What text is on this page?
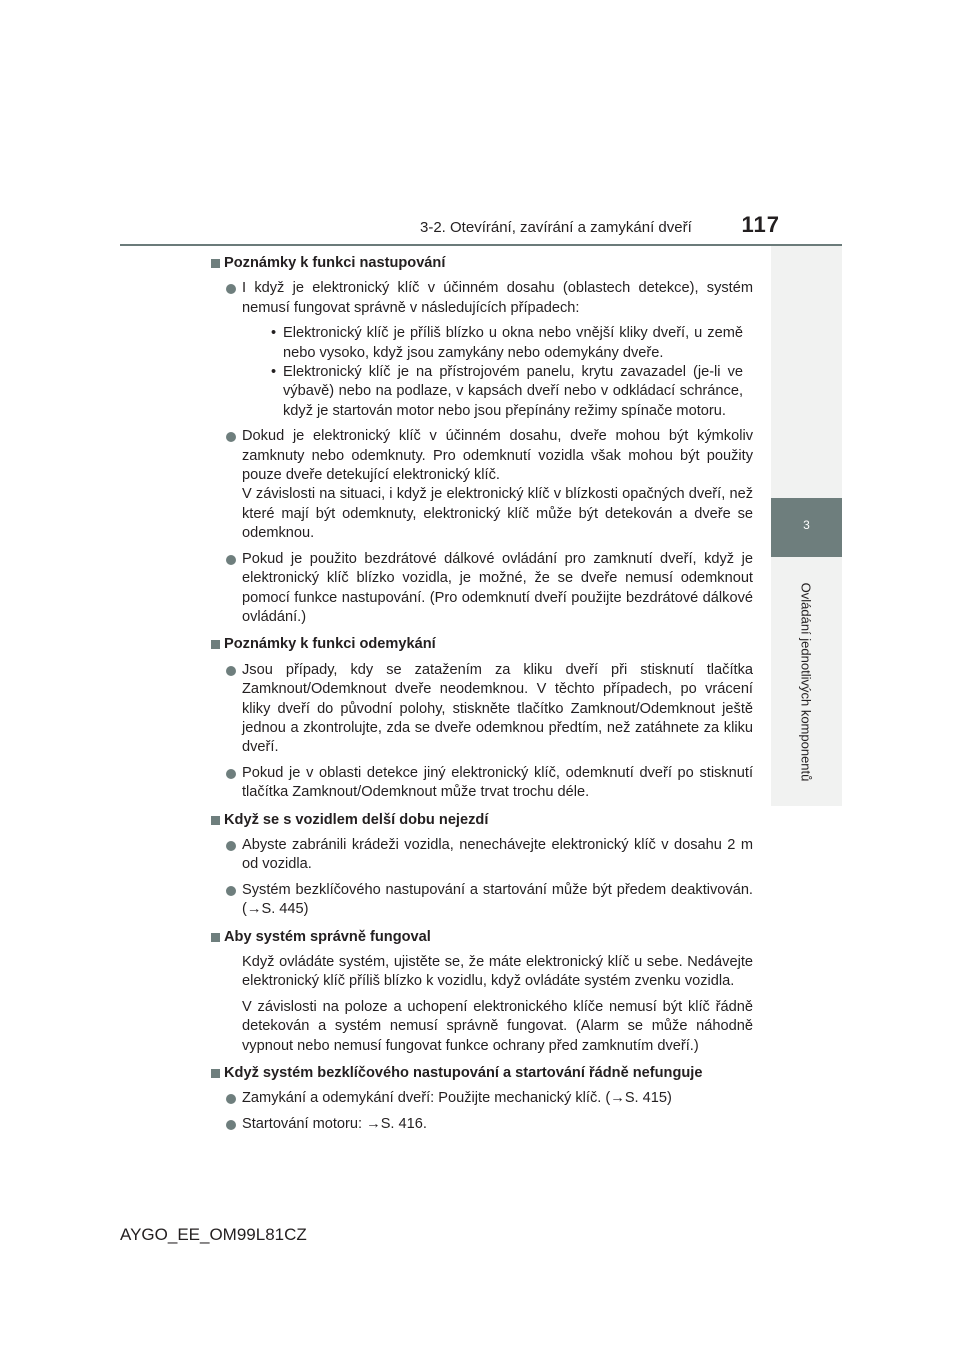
3-2. Otevírání, zavírání a zamykání dveří	117
3
Ovládání jednotlivých komponentů
Poznámky k funkci nastupování

I když je elektronický klíč v účinném dosahu (oblastech detekce), systém nemusí fungovat správně v následujících případech:

• Elektronický klíč je příliš blízko u okna nebo vnější kliky dveří, u země nebo vysoko, když jsou zamykány nebo odemykány dveře.
• Elektronický klíč je na přístrojovém panelu, krytu zavazadel (je-li ve výbavě) nebo na podlaze, v kapsách dveří nebo v odkládací schránce, když je startován motor nebo jsou přepínány režimy spínače motoru.

Dokud je elektronický klíč v účinném dosahu, dveře mohou být kýmkoliv zamknuty nebo odemknuty. Pro odemknutí vozidla však mohou být použity pouze dveře detekující elektronický klíč.

V závislosti na situaci, i když je elektronický klíč v blízkosti opačných dveří, než které mají být odemknuty, elektronický klíč může být detekován a dveře se odemknou.

Pokud je použito bezdrátové dálkové ovládání pro zamknutí dveří, když je elektronický klíč blízko vozidla, je možné, že se dveře nemusí odemknout pomocí funkce nastupování. (Pro odemknutí dveří použijte bezdrátové dálkové ovládání.)

Poznámky k funkci odemykání

Jsou případy, kdy se zatažením za kliku dveří při stisknutí tlačítka Zamknout/Odemknout dveře neodemknou. V těchto případech, po vrácení kliky dveří do původní polohy, stiskněte tlačítko Zamknout/Odemknout ještě jednou a zkontrolujte, zda se dveře odemknou předtím, než zatáhnete za kliku dveří.

Pokud je v oblasti detekce jiný elektronický klíč, odemknutí dveří po stisknutí tlačítka Zamknout/Odemknout může trvat trochu déle.

Když se s vozidlem delší dobu nejezdí

Abyste zabránili krádeži vozidla, nenechávejte elektronický klíč v dosahu 2 m od vozidla.

Systém bezklíčového nastupování a startování může být předem deaktivován. (→S. 445)

Aby systém správně fungoval

Když ovládáte systém, ujistěte se, že máte elektronický klíč u sebe. Nedávejte elektronický klíč příliš blízko k vozidlu, když ovládáte systém zvenku vozidla.

V závislosti na poloze a uchopení elektronického klíče nemusí být klíč řádně detekován a systém nemusí správně fungovat. (Alarm se může náhodně vypnout nebo nemusí fungovat funkce ochrany před zamknutím dveří.)

Když systém bezklíčového nastupování a startování řádně nefunguje

Zamykání a odemykání dveří: Použijte mechanický klíč. (→S. 415)

Startování motoru: →S. 416.

AYGO_EE_OM99L81CZ
